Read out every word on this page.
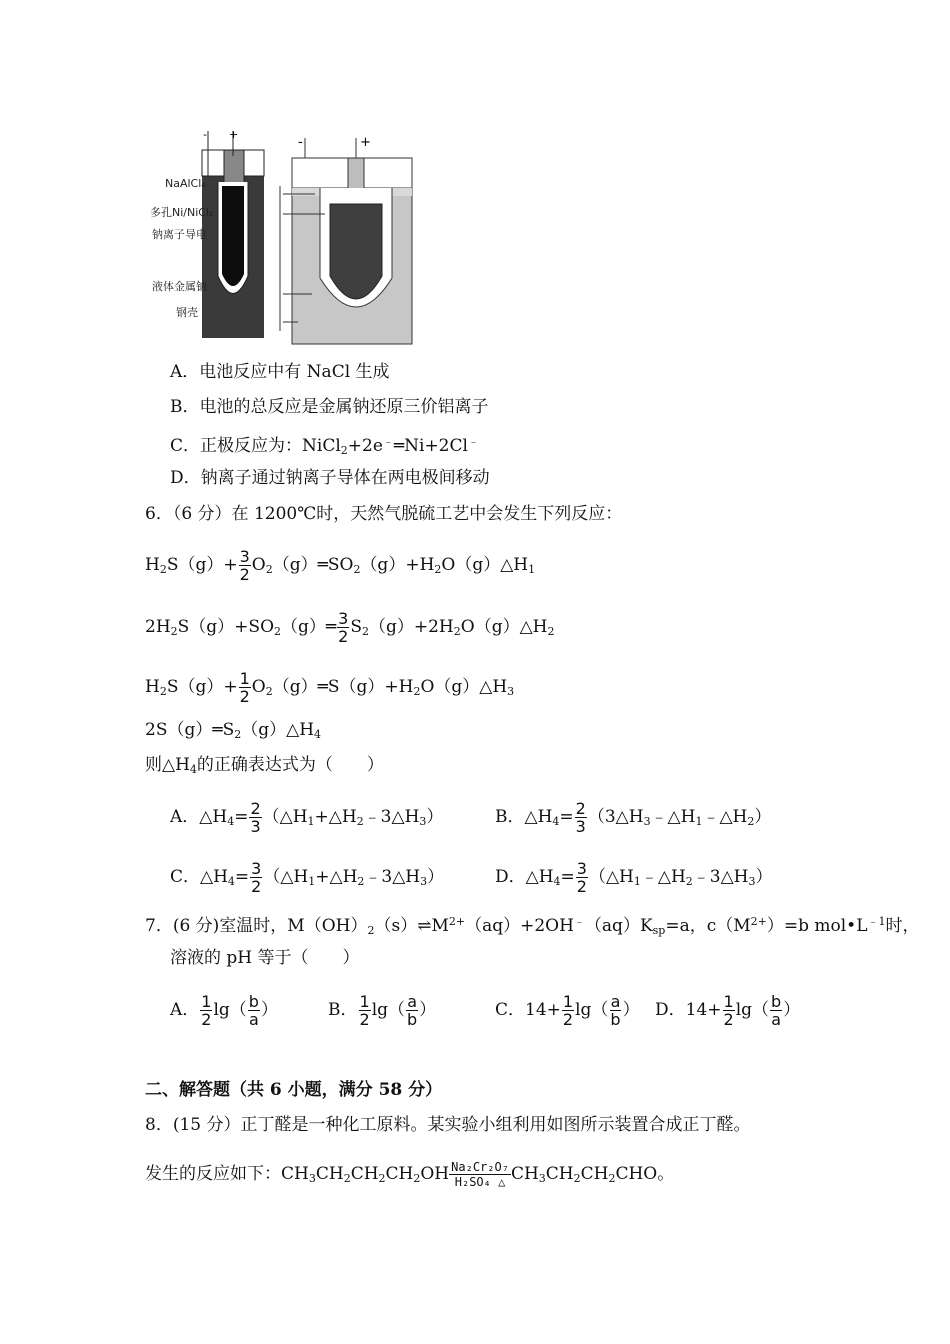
- +
-	+
NaAlCl₄
多孔Ni/NiCl₂
钠离子导电
液体金属钠
钢壳
A．电池反应中有 NaCl 生成
B．电池的总反应是金属钠还原三价铝离子
C．正极反应为：NiCl$_2$+2e﹣═Ni+2Cl﹣
D．钠离子通过钠离子导体在两电极间移动
6．（6 分）在 1200℃时，天然气脱硫工艺中会发生下列反应：
$H_2S(g)+ \frac{3}{2}$ $O_2(g)═SO_2(g)+H_2O(g)\triangle H_1$
$2H_2S(g)+SO_2(g)═ \frac{3}{2}$ $S_2(g)+2H_2O(g)\triangle H_2$
$H_2S(g)+ \frac{1}{2}$ $O_2(g)═S(g)+H_2O(g)\triangle H_3$
$2S(g)═S_2(g)\triangle H_4$
则$\triangle H_4$的正确表达式为（　　）
A．$\triangle H_4= \frac{2}{3}$ $(\triangle H_1+\triangle H_2﹣3\triangle H_3)$	B．$\triangle H_4= \frac{2}{3}$ $(3\triangle H_3﹣\triangle H_1﹣\triangle H_2)$
C．$\triangle H_4= \frac{3}{2}$ $(\triangle H_1+\triangle H_2﹣3\triangle H_3)$	D．$\triangle H_4= \frac{3}{2}$ $(\triangle H_1﹣\triangle H_2﹣3\triangle H_3)$
7．(6 分)室温时，$M(OH)_2(s)\rightleftharpoons M^{2+}(aq)+2OH^﹣(aq)K_{sp}=a$，$c(M^{2+})=b$ $mol•L^{﹣1}$时，
溶液的 pH 等于（　　）
A． $\frac{1}{2} \lg( \frac{b}{a}$ ）	B． $\frac{1}{2} \lg( \frac{a}{b}$ ）	C．$14+ \frac{1}{2} \lg( \frac{a}{b}$ ） D．$14+ \frac{1}{2} \lg( \frac{b}{a}$ ）
二、解答题（共 6 小题，满分 58 分）
8．(15 分）正丁醛是一种化工原料。某实验小组利用如图所示装置合成正丁醛。
发生的反应如下：$CH_3CH_2CH_2CH_2OH \frac{\text{Na₂Cr₂O₇}}{\text{H₂SO₄ △}} CH_3CH_2CH_2CHO$。
